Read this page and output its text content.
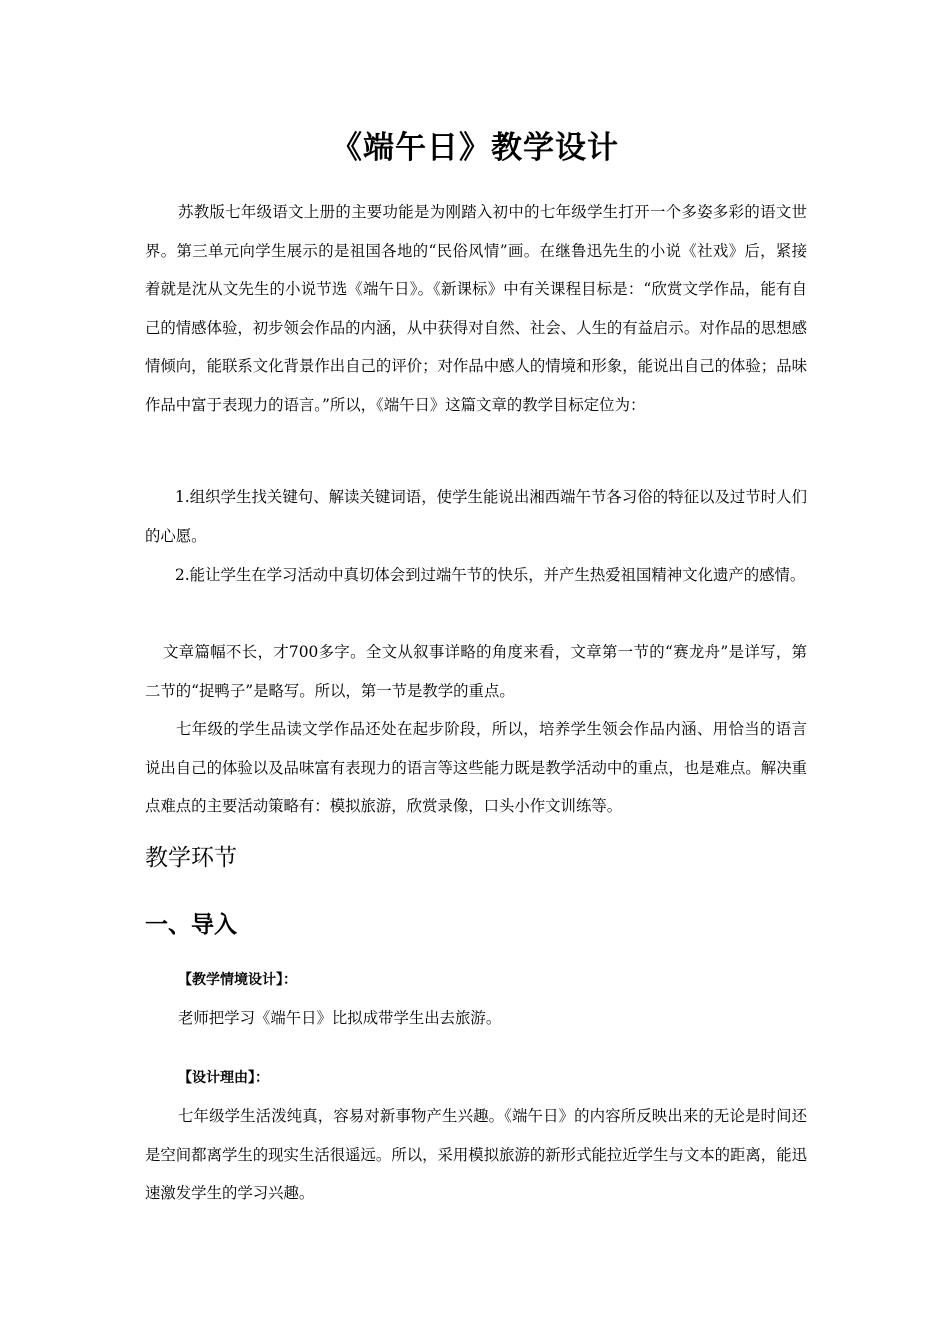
《端午日》教学设计
苏教版七年级语文上册的主要功能是为刚踏入初中的七年级学生打开一个多姿多彩的语文世界。第三单元向学生展示的是祖国各地的“民俗风情”画。在继鲁迅先生的小说《社戏》后，紧接着就是沈从文先生的小说节选《端午日》。《新课标》中有关课程目标是：“欣赏文学作品，能有自己的情感体验，初步领会作品的内涵，从中获得对自然、社会、人生的有益启示。对作品的思想感情倾向，能联系文化背景作出自己的评价；对作品中感人的情境和形象，能说出自己的体验；品味作品中富于表现力的语言。”所以，《端午日》这篇文章的教学目标定位为：
1.组织学生找关键句、解读关键词语，使学生能说出湘西端午节各习俗的特征以及过节时人们的心愿。
2.能让学生在学习活动中真切体会到过端午节的快乐，并产生热爱祖国精神文化遗产的感情。
文章篇幅不长，才700多字。全文从叙事详略的角度来看，文章第一节的“赛龙舟”是详写，第二节的“捉鸭子”是略写。所以，第一节是教学的重点。
七年级的学生品读文学作品还处在起步阶段，所以，培养学生领会作品内涵、用恰当的语言说出自己的体验以及品味富有表现力的语言等这些能力既是教学活动中的重点，也是难点。解决重点难点的主要活动策略有：模拟旅游，欣赏录像，口头小作文训练等。
教学环节
一、导入
【教学情境设计】：
老师把学习《端午日》比拟成带学生出去旅游。
【设计理由】：
七年级学生活泼纯真，容易对新事物产生兴趣。《端午日》的内容所反映出来的无论是时间还是空间都离学生的现实生活很遥远。所以，采用模拟旅游的新形式能拉近学生与文本的距离，能迅速激发学生的学习兴趣。
